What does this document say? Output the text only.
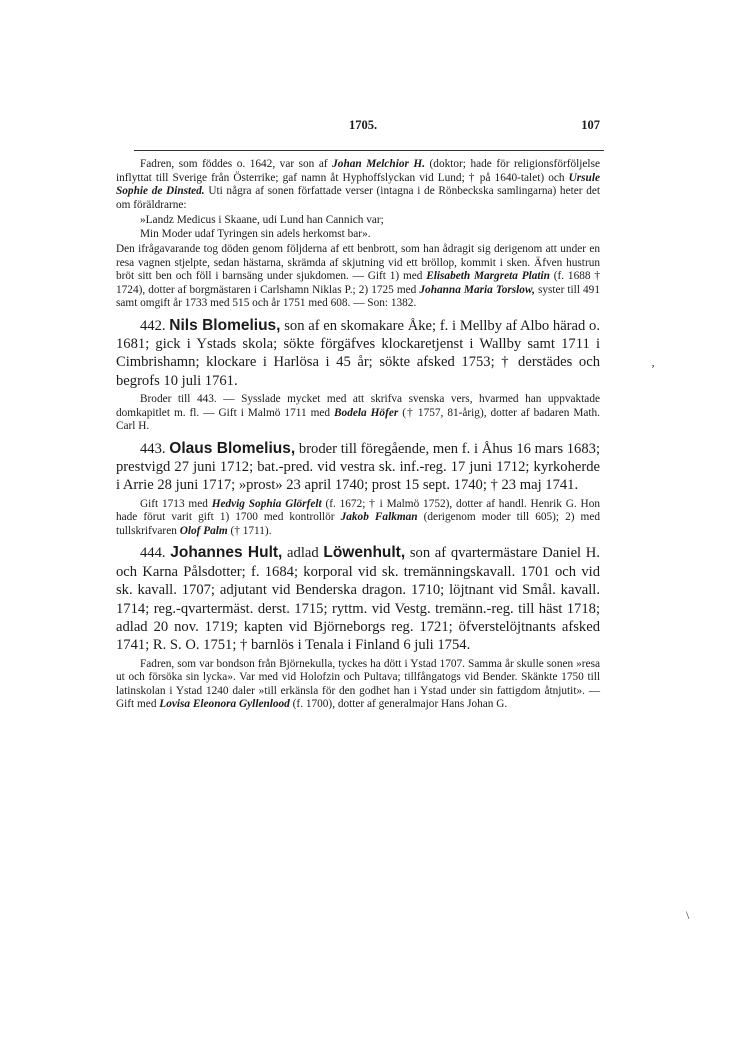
1705.	107

Fadren, som föddes o. 1642, var son af Johan Melchior H. (doktor; hade för religionsförföljelse inflyttat till Sverige från Österrike; gaf namn åt Hyphoffslyckan vid Lund; † på 1640-talet) och Ursule Sophie de Dinsted. Uti några af sonen författade verser (intagna i de Rönbeckska samlingarna) heter det om föräldrarne:

»Landz Medicus i Skaane, udi Lund han Cannich var;
Min Moder udaf Tyringen sin adels herkomst bar».

Den ifrågavarande tog döden genom följderna af ett benbrott, som han ådragit sig derigenom att under en resa vagnen stjelpte, sedan hästarna, skrämda af skjutning vid ett bröllop, kommit i sken. Äfven hustrun bröt sitt ben och föll i barnsäng under sjukdomen. — Gift 1) med Elisabeth Margreta Platin (f. 1688 † 1724), dotter af borgmästaren i Carlshamn Niklas P.; 2) 1725 med Johanna Maria Torslow, syster till 491 samt omgift år 1733 med 515 och år 1751 med 608. — Son: 1382.

442. Nils Blomelius, son af en skomakare Åke; f. i Mellby af Albo härad o. 1681; gick i Ystads skola; sökte förgäfves klockaretjenst i Wallby samt 1711 i Cimbrishamn; klockare i Harlösa i 45 år; sökte afsked 1753; † derstädes och begrofs 10 juli 1761.

Broder till 443. — Sysslade mycket med att skrifva svenska vers, hvarmed han uppvaktade domkapitlet m. fl. — Gift i Malmö 1711 med Bodela Höfer († 1757, 81-årig), dotter af badaren Math. Carl H.

443. Olaus Blomelius, broder till föregående, men f. i Åhus 16 mars 1683; prestvigd 27 juni 1712; bat.-pred. vid vestra sk. inf.-reg. 17 juni 1712; kyrkoherde i Arrie 28 juni 1717; »prost» 23 april 1740; prost 15 sept. 1740; † 23 maj 1741.

Gift 1713 med Hedvig Sophia Glörfelt (f. 1672; † i Malmö 1752), dotter af handl. Henrik G. Hon hade förut varit gift 1) 1700 med kontrollör Jakob Falkman (derigenom moder till 605); 2) med tullskrifvaren Olof Palm († 1711).

444. Johannes Hult, adlad Löwenhult, son af qvartermästare Daniel H. och Karna Pålsdotter; f. 1684; korporal vid sk. tremänningskavall. 1701 och vid sk. kavall. 1707; adjutant vid Benderska dragon. 1710; löjtnant vid Smål. kavall. 1714; reg.-qvartermäst. derst. 1715; ryttm. vid Vestg. tremänn.-reg. till häst 1718; adlad 20 nov. 1719; kapten vid Björneborgs reg. 1721; öfverstelöjtnants afsked 1741; R. S. O. 1751; † barnlös i Tenala i Finland 6 juli 1754.

Fadren, som var bondson från Björnekulla, tyckes ha dött i Ystad 1707. Samma år skulle sonen »resa ut och försöka sin lycka». Var med vid Holofzin och Pultava; tillfångatogs vid Bender. Skänkte 1750 till latinskolan i Ystad 1240 daler »till erkänsla för den godhet han i Ystad under sin fattigdom åtnjutit». — Gift med Lovisa Eleonora Gyllenlood (f. 1700), dotter af generalmajor Hans Johan G.

ʼ
\
